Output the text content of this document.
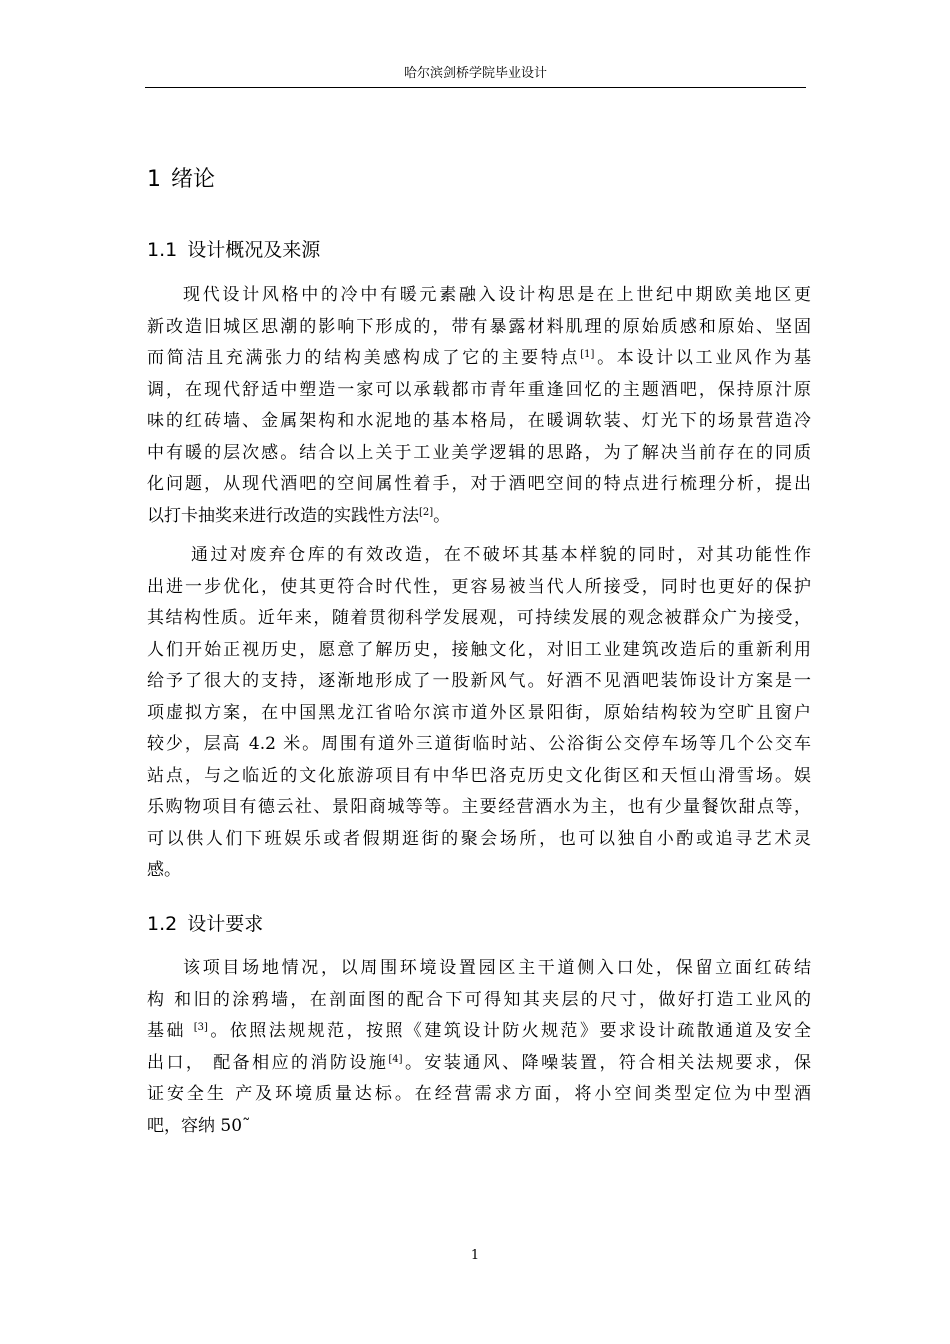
哈尔滨剑桥学院毕业设计
1 绪论
1.1 设计概况及来源
现代设计风格中的冷中有暖元素融入设计构思是在上世纪中期欧美地区更
新改造旧城区思潮的影响下形成的，带有暴露材料肌理的原始质感和原始、坚固
而简洁且充满张力的结构美感构成了它的主要特点[1]。本设计以工业风作为基
调，在现代舒适中塑造一家可以承载都市青年重逢回忆的主题酒吧，保持原汁原
味的红砖墙、金属架构和水泥地的基本格局，在暖调软装、灯光下的场景营造冷
中有暖的层次感。结合以上关于工业美学逻辑的思路，为了解决当前存在的同质
化问题，从现代酒吧的空间属性着手，对于酒吧空间的特点进行梳理分析，提出
以打卡抽奖来进行改造的实践性方法[2]。
通过对废弃仓库的有效改造，在不破坏其基本样貌的同时，对其功能性作
出进一步优化，使其更符合时代性，更容易被当代人所接受，同时也更好的保护
其结构性质。近年来，随着贯彻科学发展观，可持续发展的观念被群众广为接受，
人们开始正视历史，愿意了解历史，接触文化，对旧工业建筑改造后的重新利用
给予了很大的支持，逐渐地形成了一股新风气。好酒不见酒吧装饰设计方案是一
项虚拟方案，在中国黑龙江省哈尔滨市道外区景阳街，原始结构较为空旷且窗户
较少，层高 4.2 米。周围有道外三道街临时站、公浴街公交停车场等几个公交车
站点，与之临近的文化旅游项目有中华巴洛克历史文化街区和天恒山滑雪场。娱
乐购物项目有德云社、景阳商城等等。主要经营酒水为主，也有少量餐饮甜点等，
可以供人们下班娱乐或者假期逛街的聚会场所，也可以独自小酌或追寻艺术灵
感。
1.2 设计要求
该项目场地情况，以周围环境设置园区主干道侧入口处，保留立面红砖结
构 和旧的涂鸦墙，在剖面图的配合下可得知其夹层的尺寸，做好打造工业风的
基础 [3]。依照法规规范，按照《建筑设计防火规范》要求设计疏散通道及安全
出口， 配备相应的消防设施[4]。安装通风、降噪装置，符合相关法规要求，保
证安全生 产及环境质量达标。在经营需求方面，将小空间类型定位为中型酒
吧，容纳 50˜
1
